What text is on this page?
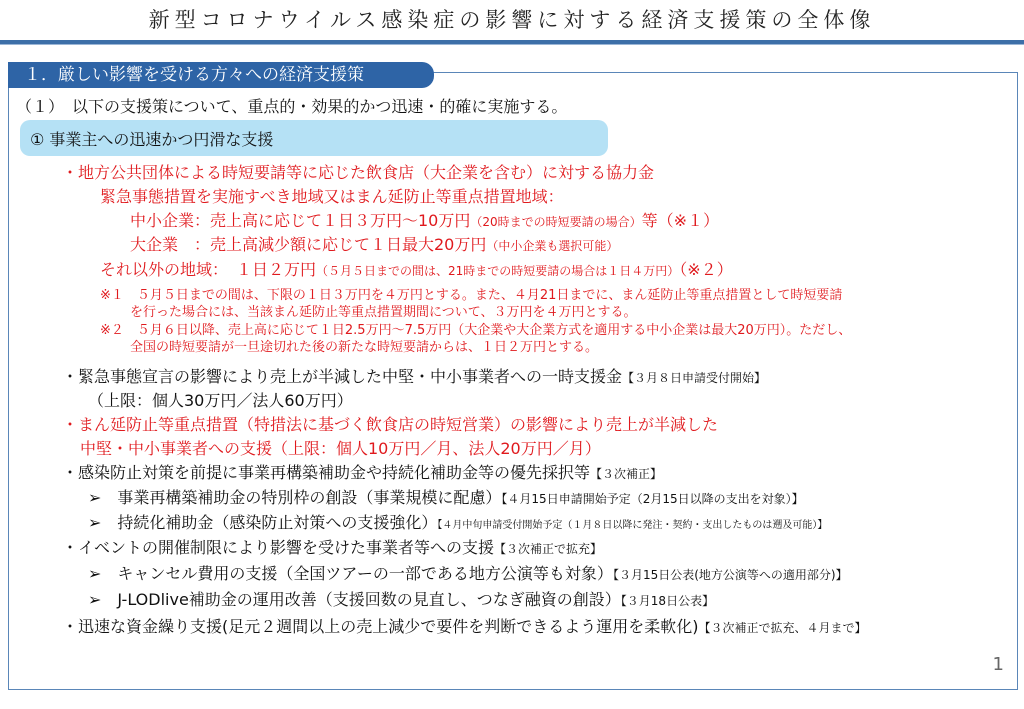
新型コロナウイルス感染症の影響に対する経済支援策の全体像
１．厳しい影響を受ける方々への経済支援策
（１）　以下の支援策について、重点的・効果的かつ迅速・的確に実施する。
① 事業主への迅速かつ円滑な支援
・地方公共団体による時短要請等に応じた飲食店（大企業を含む）に対する協力金
緊急事態措置を実施すべき地域又はまん延防止等重点措置地域：
中小企業：売上高に応じて１日３万円～10万円（20時までの時短要請の場合）等（※１）
大企業　：売上高減少額に応じて１日最大20万円（中小企業も選択可能）
それ以外の地域：　１日２万円（５月５日までの間は、21時までの時短要請の場合は１日４万円）（※２）
※１　５月５日までの間は、下限の１日３万円を４万円とする。また、４月21日までに、まん延防止等重点措置として時短要請
を行った場合には、当該まん延防止等重点措置期間について、３万円を４万円とする。
※２　５月６日以降、売上高に応じて１日2.5万円～7.5万円（大企業や大企業方式を適用する中小企業は最大20万円）。ただし、
全国の時短要請が一旦途切れた後の新たな時短要請からは、１日２万円とする。
・緊急事態宣言の影響により売上が半減した中堅・中小事業者への一時支援金【３月８日申請受付開始】
（上限：個人30万円／法人60万円）
・まん延防止等重点措置（特措法に基づく飲食店の時短営業）の影響により売上が半減した
中堅・中小事業者への支援（上限：個人10万円／月、法人20万円／月）
・感染防止対策を前提に事業再構築補助金や持続化補助金等の優先採択等【３次補正】
➢　事業再構築補助金の特別枠の創設（事業規模に配慮）【４月15日申請開始予定（2月15日以降の支出を対象）】
➢　持続化補助金（感染防止対策への支援強化）【４月中旬申請受付開始予定（１月８日以降に発注・契約・支出したものは遡及可能）】
・イベントの開催制限により影響を受けた事業者等への支援【３次補正で拡充】
➢　キャンセル費用の支援（全国ツアーの一部である地方公演等も対象）【３月15日公表(地方公演等への適用部分)】
➢　J-LODlive補助金の運用改善（支援回数の見直し、つなぎ融資の創設）【３月18日公表】
・迅速な資金繰り支援(足元２週間以上の売上減少で要件を判断できるよう運用を柔軟化)【３次補正で拡充、４月まで】
1
